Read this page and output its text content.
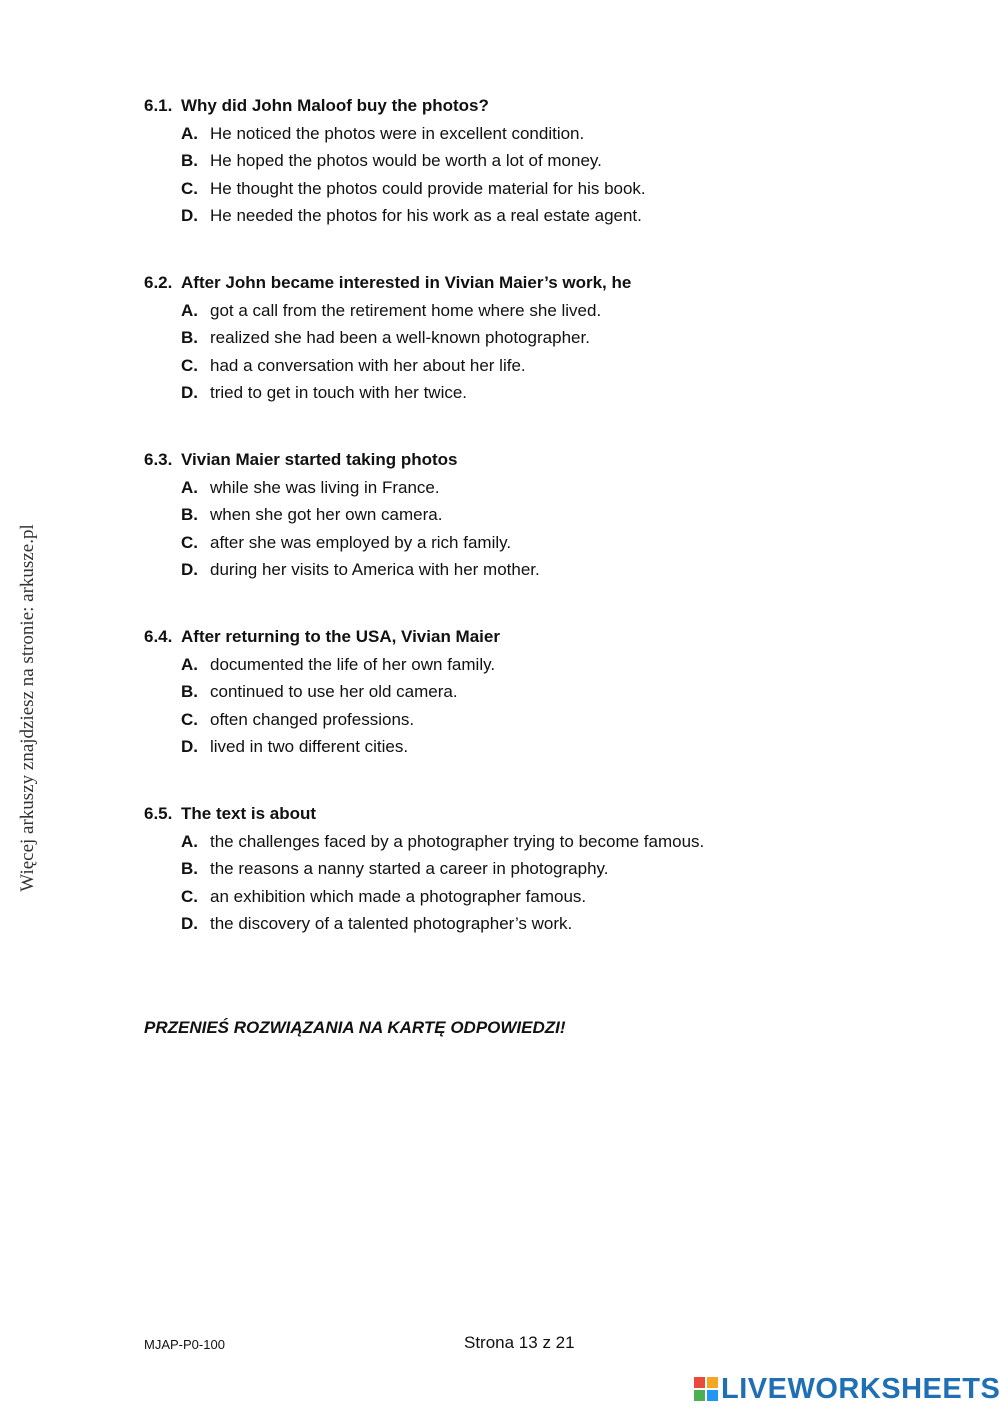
Więcej arkuszy znajdziesz na stronie: arkusze.pl
6.1. Why did John Maloof buy the photos?
A. He noticed the photos were in excellent condition.
B. He hoped the photos would be worth a lot of money.
C. He thought the photos could provide material for his book.
D. He needed the photos for his work as a real estate agent.
6.2. After John became interested in Vivian Maier’s work, he
A. got a call from the retirement home where she lived.
B. realized she had been a well-known photographer.
C. had a conversation with her about her life.
D. tried to get in touch with her twice.
6.3. Vivian Maier started taking photos
A. while she was living in France.
B. when she got her own camera.
C. after she was employed by a rich family.
D. during her visits to America with her mother.
6.4. After returning to the USA, Vivian Maier
A. documented the life of her own family.
B. continued to use her old camera.
C. often changed professions.
D. lived in two different cities.
6.5. The text is about
A. the challenges faced by a photographer trying to become famous.
B. the reasons a nanny started a career in photography.
C. an exhibition which made a photographer famous.
D. the discovery of a talented photographer’s work.
PRZENIEŚ ROZWIĄZANIA NA KARTĘ ODPOWIEDZI!
MJAP-P0-100	Strona 13 z 21
LIVEWORKSHEETS
